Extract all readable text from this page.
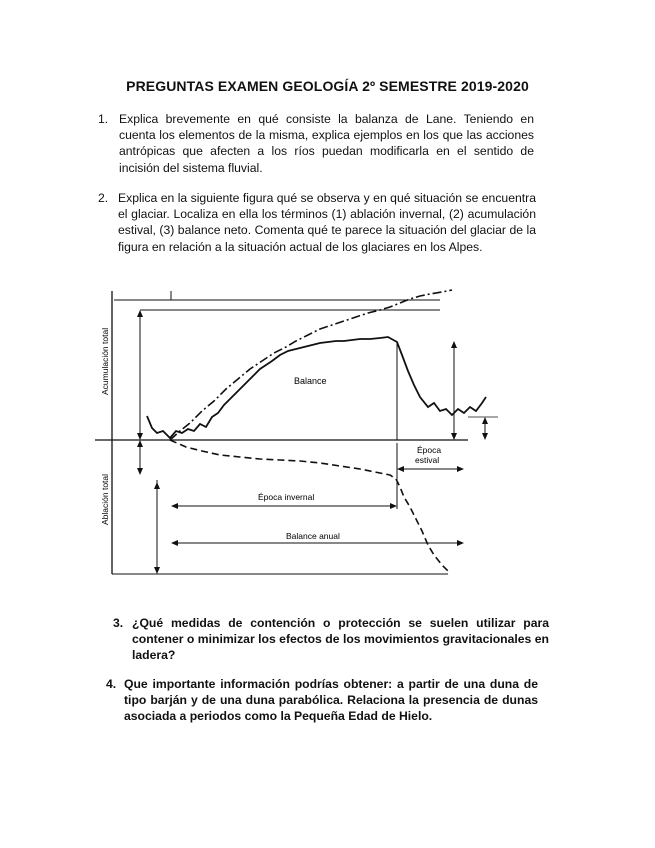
PREGUNTAS EXAMEN GEOLOGÍA 2º SEMESTRE 2019-2020
1. Explica brevemente en qué consiste la balanza de Lane. Teniendo en cuenta los elementos de la misma, explica ejemplos en los que las acciones antrópicas que afecten a los ríos puedan modificarla en el sentido de incisión del sistema fluvial.
2. Explica en la siguiente figura qué se observa y en qué situación se encuentra el glaciar. Localiza en ella los términos (1) ablación invernal, (2) acumulación estival, (3) balance neto. Comenta qué te parece la situación del glaciar de la figura en relación a la situación actual de los glaciares en los Alpes.
Acumulación total
Ablación total
Balance
Época
estival
Época invernal
Balance anual
3. ¿Qué medidas de contención o protección se suelen utilizar para contener o minimizar los efectos de los movimientos gravitacionales en ladera?
4. Que importante información podrías obtener: a partir de una duna de tipo barján y de una duna parabólica. Relaciona la presencia de dunas asociada a periodos como la Pequeña Edad de Hielo.
